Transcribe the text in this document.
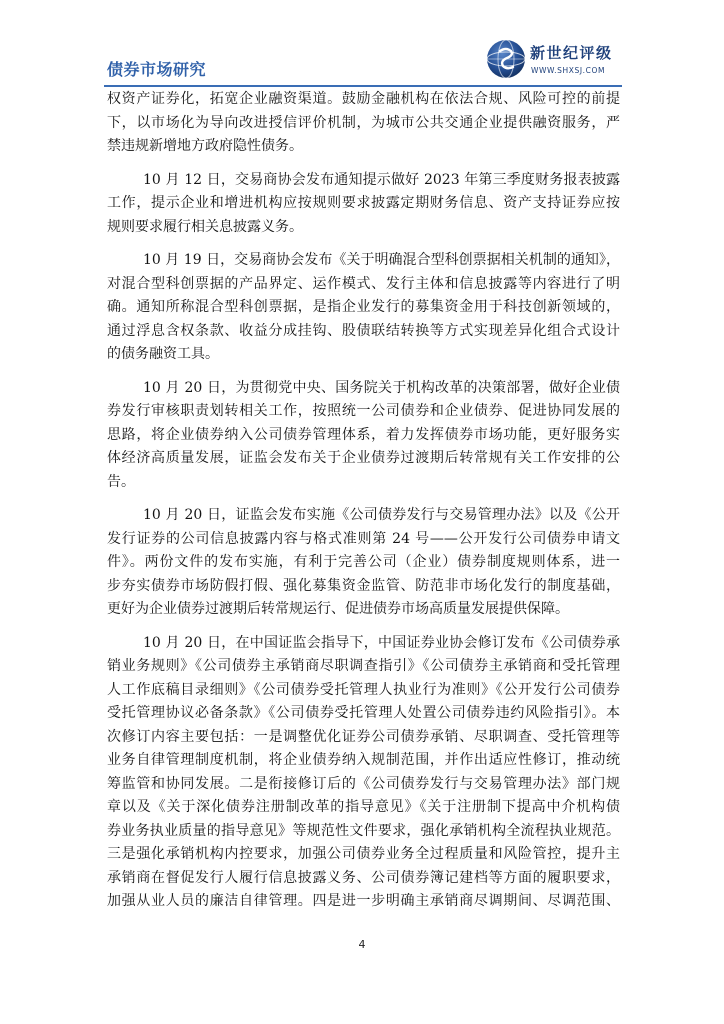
债券市场研究
新世纪评级
WWW.SHXSJ.COM
权资产证券化，拓宽企业融资渠道。鼓励金融机构在依法合规、风险可控的前提
下，以市场化为导向改进授信评价机制，为城市公共交通企业提供融资服务，严
禁违规新增地方政府隐性债务。
10 月 12 日，交易商协会发布通知提示做好 2023 年第三季度财务报表披露
工作，提示企业和增进机构应按规则要求披露定期财务信息、资产支持证券应按
规则要求履行相关息披露义务。
10 月 19 日，交易商协会发布《关于明确混合型科创票据相关机制的通知》，
对混合型科创票据的产品界定、运作模式、发行主体和信息披露等内容进行了明
确。通知所称混合型科创票据，是指企业发行的募集资金用于科技创新领域的，
通过浮息含权条款、收益分成挂钩、股债联结转换等方式实现差异化组合式设计
的债务融资工具。
10 月 20 日，为贯彻党中央、国务院关于机构改革的决策部署，做好企业债
券发行审核职责划转相关工作，按照统一公司债券和企业债券、促进协同发展的
思路，将企业债券纳入公司债券管理体系，着力发挥债券市场功能，更好服务实
体经济高质量发展，证监会发布关于企业债券过渡期后转常规有关工作安排的公
告。
10 月 20 日，证监会发布实施《公司债券发行与交易管理办法》以及《公开
发行证券的公司信息披露内容与格式准则第 24 号——公开发行公司债券申请文
件》。两份文件的发布实施，有利于完善公司（企业）债券制度规则体系，进一
步夯实债券市场防假打假、强化募集资金监管、防范非市场化发行的制度基础，
更好为企业债券过渡期后转常规运行、促进债券市场高质量发展提供保障。
10 月 20 日，在中国证监会指导下，中国证券业协会修订发布《公司债券承
销业务规则》《公司债券主承销商尽职调查指引》《公司债券主承销商和受托管理
人工作底稿目录细则》《公司债券受托管理人执业行为准则》《公开发行公司债券
受托管理协议必备条款》《公司债券受托管理人处置公司债券违约风险指引》。本
次修订内容主要包括：一是调整优化证券公司债券承销、尽职调查、受托管理等
业务自律管理制度机制，将企业债券纳入规制范围，并作出适应性修订，推动统
筹监管和协同发展。二是衔接修订后的《公司债券发行与交易管理办法》部门规
章以及《关于深化债券注册制改革的指导意见》《关于注册制下提高中介机构债
券业务执业质量的指导意见》等规范性文件要求，强化承销机构全流程执业规范。
三是强化承销机构内控要求，加强公司债券业务全过程质量和风险管控，提升主
承销商在督促发行人履行信息披露义务、公司债券簿记建档等方面的履职要求，
加强从业人员的廉洁自律管理。四是进一步明确主承销商尽调期间、尽调范围、
4
